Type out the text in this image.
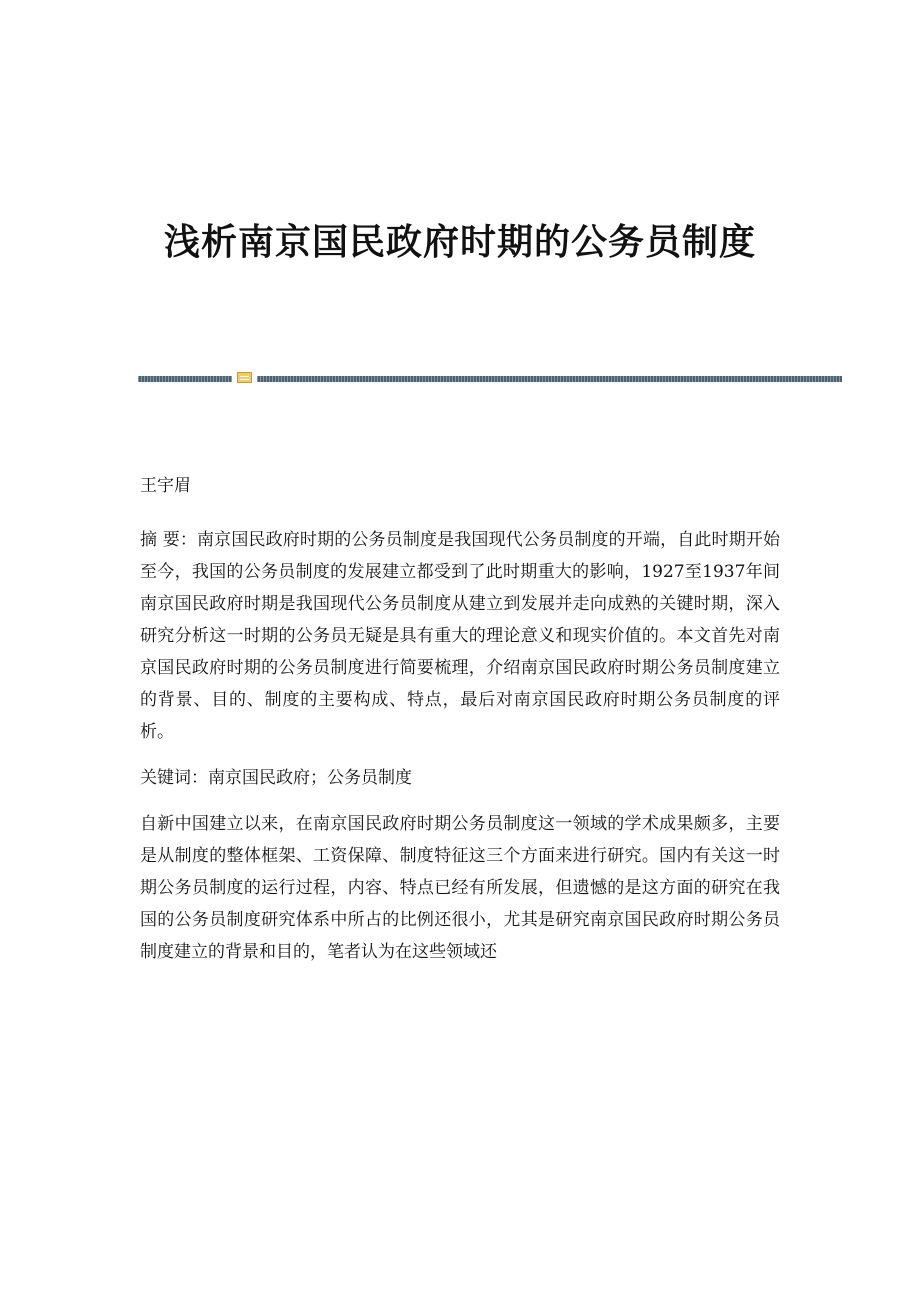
浅析南京国民政府时期的公务员制度

王宇眉

摘 要：南京国民政府时期的公务员制度是我国现代公务员制度的开端，自此时期开始至今，我国的公务员制度的发展建立都受到了此时期重大的影响，1927至1937年间南京国民政府时期是我国现代公务员制度从建立到发展并走向成熟的关键时期，深入研究分析这一时期的公务员无疑是具有重大的理论意义和现实价值的。本文首先对南京国民政府时期的公务员制度进行简要梳理，介绍南京国民政府时期公务员制度建立的背景、目的、制度的主要构成、特点，最后对南京国民政府时期公务员制度的评析。

关键词：南京国民政府；公务员制度

自新中国建立以来，在南京国民政府时期公务员制度这一领域的学术成果颇多，主要是从制度的整体框架、工资保障、制度特征这三个方面来进行研究。国内有关这一时期公务员制度的运行过程，内容、特点已经有所发展，但遗憾的是这方面的研究在我国的公务员制度研究体系中所占的比例还很小，尤其是研究南京国民政府时期公务员制度建立的背景和目的，笔者认为在这些领域还
